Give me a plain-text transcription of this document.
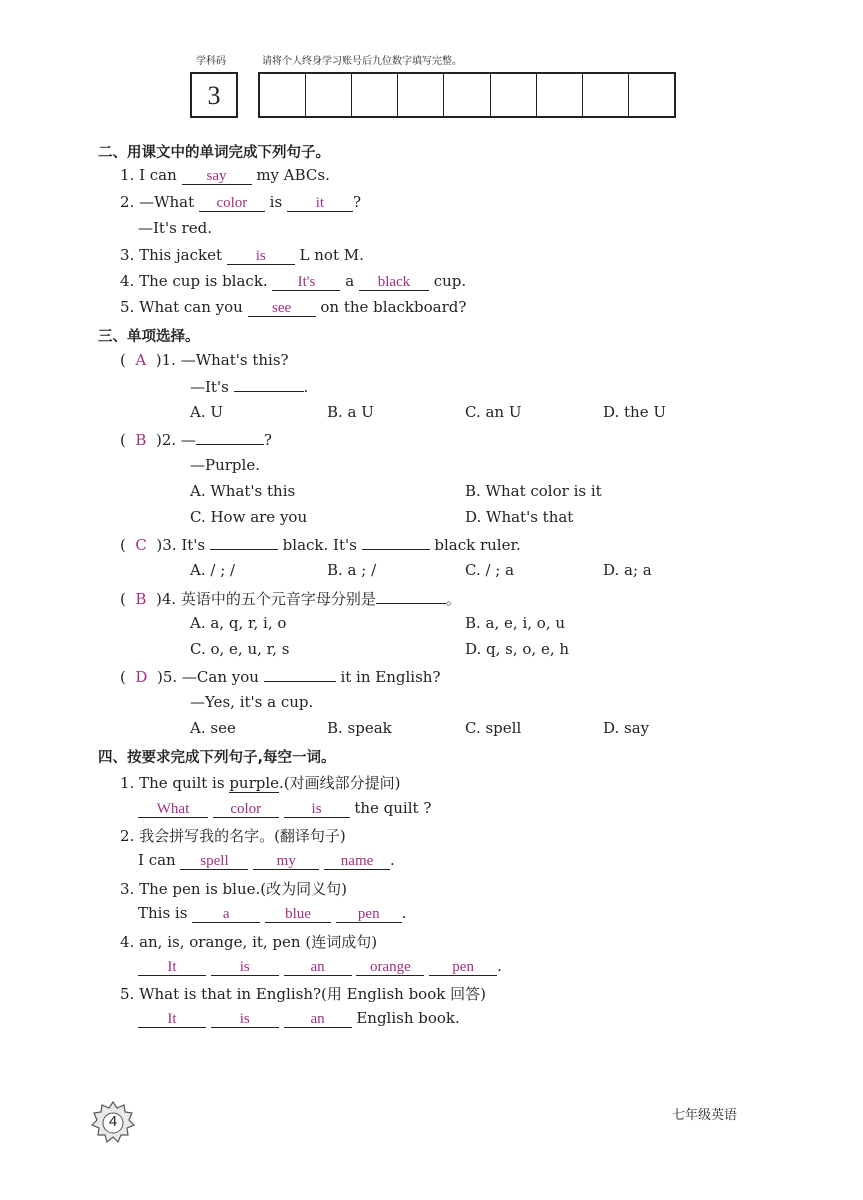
学科码	请将个人终身学习账号后九位数字填写完整。
3
二、用课文中的单词完成下列句子。
1. I can say my ABCs.
2. —What color is it ?
—It's red.
3. This jacket is L not M.
4. The cup is black. It's a black cup.
5. What can you see on the blackboard?
三、单项选择。
(  A )1. —What's this?
—It's	.
A. U	B. a U	C. an U	D. the U
(  B )2. —	?
—Purple.
A. What's this	B. What color is it
C. How are you	D. What's that
(  C )3. It's	black. It's	black ruler.
A. / ; /	B. a ; /	C. / ; a	D. a; a
(  B )4. 英语中的五个元音字母分别是	。
A. a, q, r, i, o	B. a, e, i, o, u
C. o, e, u, r, s	D. q, s, o, e, h
(  D )5. —Can you	it in English?
—Yes, it's a cup.
A. see	B. speak	C. spell	D. say
四、按要求完成下列句子,每空一词。
1. The quilt is purple.(对画线部分提问)
What	color	is the quilt ?
2. 我会拼写我的名字。(翻译句子)
I can spell	my	name .
3. The pen is blue.(改为同义句)
This is a	blue	pen .
4. an, is, orange, it, pen (连词成句)
It	is	an	orange	pen .
5. What is that in English?(用 English book 回答)
It	is	an English book.
4	七年级英语
